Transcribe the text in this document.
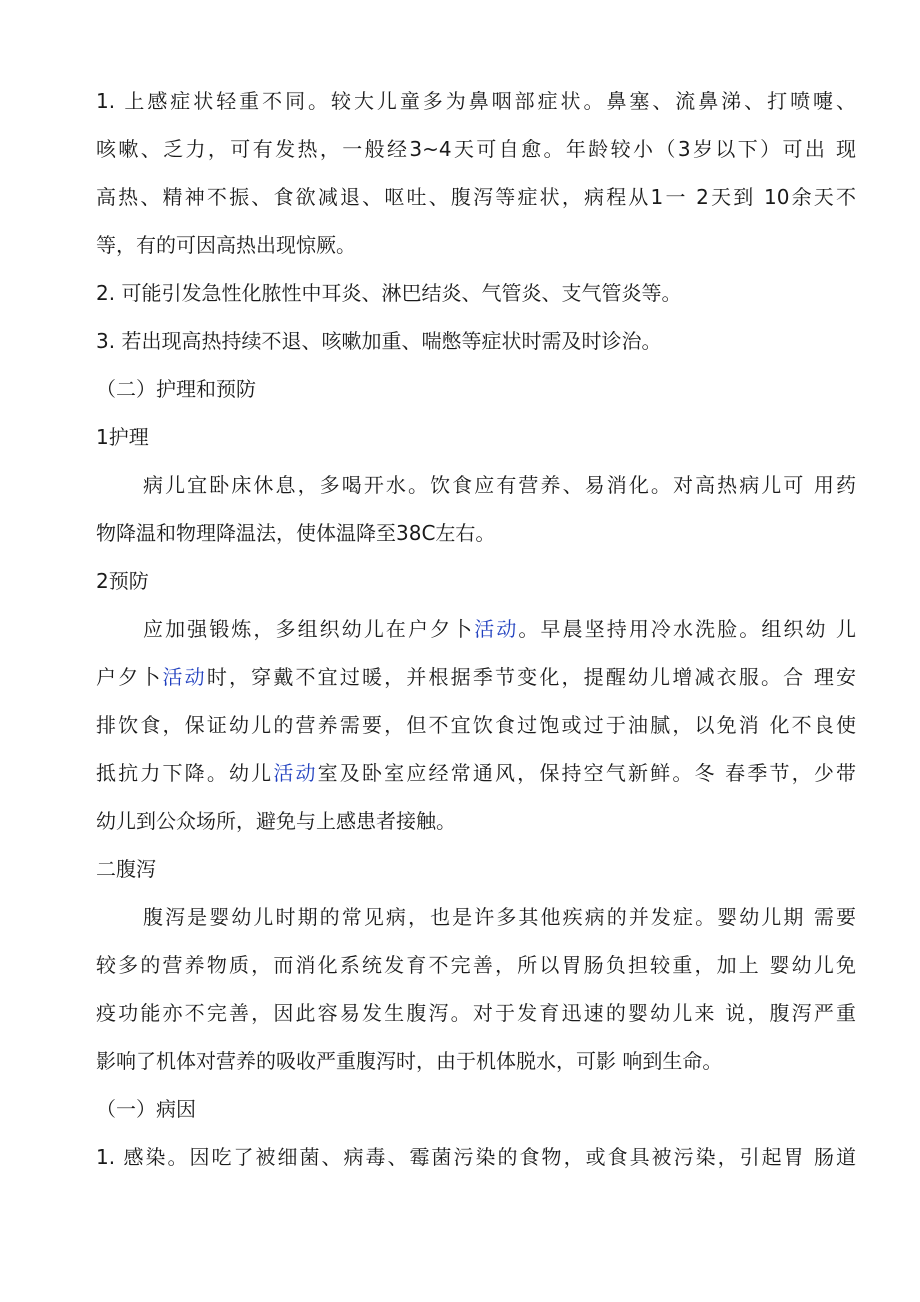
1. 上感症状轻重不同。较大儿童多为鼻咽部症状。鼻塞、流鼻涕、打喷嚏、
咳嗽、乏力，可有发热，一般经3~4天可自愈。年龄较小（3岁以下）可出 现
高热、精神不振、食欲减退、呕吐、腹泻等症状，病程从1一 2天到 10余天不
等，有的可因高热出现惊厥。
2. 可能引发急性化脓性中耳炎、淋巴结炎、气管炎、支气管炎等。
3. 若出现高热持续不退、咳嗽加重、喘憋等症状时需及时诊治。
（二）护理和预防
1护理
病儿宜卧床休息，多喝开水。饮食应有营养、易消化。对高热病儿可 用药
物降温和物理降温法，使体温降至38C左右。
2预防
应加强锻炼，多组织幼儿在户夕卜活动。早晨坚持用冷水洗脸。组织幼 儿
户夕卜活动时，穿戴不宜过暖，并根据季节变化，提醒幼儿增减衣服。合 理安
排饮食，保证幼儿的营养需要，但不宜饮食过饱或过于油腻，以免消 化不良使
抵抗力下降。幼儿活动室及卧室应经常通风，保持空气新鲜。冬 春季节，少带
幼儿到公众场所，避免与上感患者接触。
二腹泻
腹泻是婴幼儿时期的常见病，也是许多其他疾病的并发症。婴幼儿期 需要
较多的营养物质，而消化系统发育不完善，所以胃肠负担较重，加上 婴幼儿免
疫功能亦不完善，因此容易发生腹泻。对于发育迅速的婴幼儿来 说，腹泻严重
影响了机体对营养的吸收严重腹泻时，由于机体脱水，可影 响到生命。
（一）病因
1. 感染。因吃了被细菌、病毒、霉菌污染的食物，或食具被污染，引起胃 肠道
